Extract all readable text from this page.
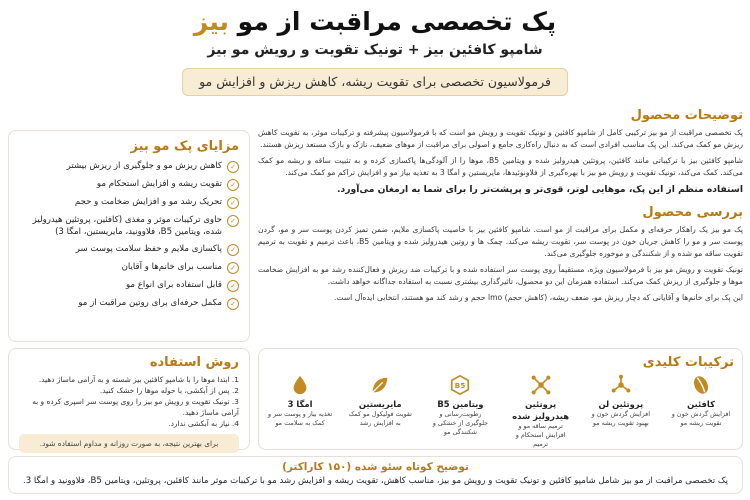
پک تخصصی مراقبت از مو بیز
شامپو کافئین بیز + تونیک تقویت و رویش مو بیز
فرمولاسیون تخصصی برای تقویت ریشه، کاهش ریزش و افزایش مو
توضیحات محصول

پک تخصصی مراقبت از مو بیز ترکیبی کامل از شامپو کافئین و تونیک تقویت و رویش مو است که با فرمولاسیون پیشرفته و ترکیبات موثر، به تقویت کاهش ریزش مو کمک می‌کند. این پک مناسب افرادی است که به دنبال راه‌کاری جامع و اصولی برای مراقبت از موهای ضعیف، نازک و بازک مستعد ریزش هستند.

شامپو کافئین بیز با ترکیباتی مانند کافئین، پروتئین هیدرولیز شده و ویتامین B5، موها را از آلودگی‌ها پاکسازی کرده و به تثبیت ساقه و ریشه مو کمک می‌کند. کمک می‌کند، تونیک تقویت و رویش مو بیز با بهره‌گیری از فلاونوئیدها، مایریستین و امگا 3 به تغذیه بیاز مو و افزایش تراکم مو کمک می‌کند.

استفاده منظم از این پک، موهایی لوتر، قوی‌تر و پرپشت‌تر را برای شما به ارمغان می‌آورد.

بررسی محصول

پک مو بیز یک راهکار حرفه‌ای و مکمل برای مراقبت از مو است. شامپو کافئین بیز با خاصیت پاکسازی ملایم، ضمن تمیز کردن پوست سر و مو، گردن پوست سر و مو را کاهش جریان خون در پوست سر، تقویت ریشه می‌کند. چمک ها و روتین هیدرولیز شده و ویتامین B5، باعث ترمیم و تقویت به ترمیم تقویت ساقه مو شده و از شکنندگی و موخوره جلوگیری می‌کند.

تونیک تقویت و رویش مو بیز با فرمولاسیون ویژه، مستقیماً روی پوست سر استفاده شده و با ترکیبات ضد ریزش و فعال‌کننده رشد مو به افزایش ضخامت موها و جلوگیری از ریزش کمک می‌کند. استفاده همزمان این دو محصول، تاثیرگذاری بیشتری نسبت به استفاده جداگانه خواهد داشت.

این پک برای خانم‌ها و آقایانی که دچار ریزش مو، ضعف ریشه، (کاهش حجم) lmo حجم و رشد کند مو هستند، انتخابی ایده‌آل است.

مزایای پک مو بیز
✓
کاهش ریزش مو و جلوگیری از ریزش بیشتر
✓
تقویت ریشه و افزایش استحکام مو
✓
تحریک رشد مو و افزایش ضخامت و حجم
✓
حاوی ترکیبات موثر و مغذی (کافئین، پروتئین هیدرولیز شده، ویتامین B5، فلاوونید، مایریستین، امگا 3)
✓
پاکسازی ملایم و حفظ سلامت پوست سر
✓
مناسب برای خانم‌ها و آقایان
✓
قابل استفاده برای انواع مو
✓
مکمل حرفه‌ای برای روتین مراقبت از مو
روش استفاده
1. ابتدا موها را با شامپو کافئین بیز شسته و به آرامی ماساژ دهید.
2. پس از آبکشی، با حوله موها را خشک کنید.
3. تونیک تقویت و رویش مو بیز را روی پوست سر اسپری کرده و به آرامی ماساژ دهید.
4. نیاز به آبکشی ندارد.
برای بهترین نتیجه، به صورت روزانه و مداوم استفاده شود.
ترکیبات کلیدی
کافئین
افزایش گردش خون و تقویت ریشه مو
پروتئین لن
افزایش گردش خون و بهبود تقویت ریشه مو
پروتئین هیدرولیز شده
ترمیم ساقه مو و افزایش استحکام و ترمیم
B5
ویتامین B5
رطوبت‌رسانی و جلوگیری از خشکی و شکنندگی مو
مایریستین
تقویت فولیکول مو کمک به افزایش رشد
امگا 3
تغذیه بیاز و پوست سر و کمک به سلامت مو
توضیح کوتاه سئو شده (۱۵۰ کاراکتر)
پک تخصصی مراقبت از مو بیز شامل شامپو کافئین و تونیک تقویت و رویش مو بیز، مناسب کاهش، تقویت ریشه و افزایش رشد مو با ترکیبات موثر مانند کافئین، پروتئین، ویتامین B5، فلاوونید و امگا 3.
